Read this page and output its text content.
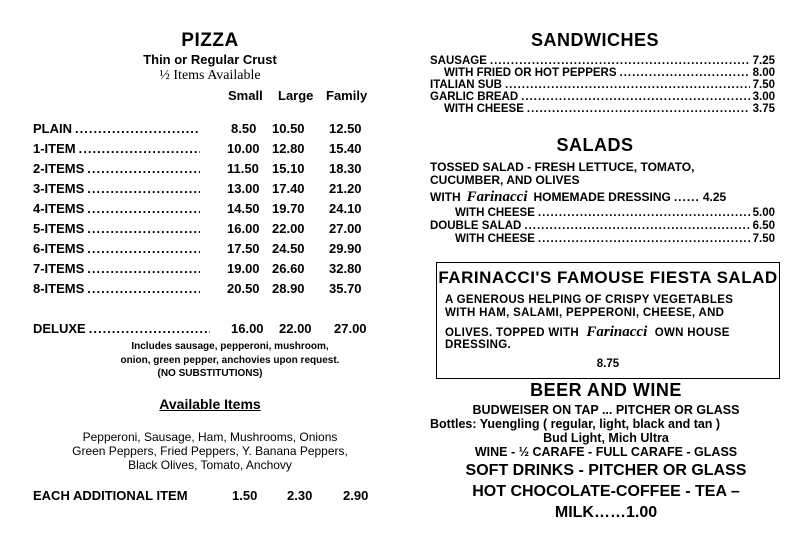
PIZZA
Thin or Regular Crust
½ Items Available
Small Large Family
PLAIN .....	8.50 10.50 12.50
1-ITEM .....	10.00 12.80 15.40
2-ITEMS .....	11.50 15.10 18.30
3-ITEMS .....	13.00 17.40 21.20
4-ITEMS .....	14.50 19.70 24.10
5-ITEMS .....	16.00 22.00 27.00
6-ITEMS .....	17.50 24.50 29.90
7-ITEMS .....	19.00 26.60 32.80
8-ITEMS .....	20.50 28.90 35.70
DELUXE .....	16.00 22.00 27.00
Includes sausage, pepperoni, mushroom,
onion, green pepper, anchovies upon request.
(NO SUBSTITUTIONS)
Available Items
Pepperoni, Sausage, Ham, Mushrooms, Onions
Green Peppers, Fried Peppers, Y. Banana Peppers,
Black Olives, Tomato, Anchovy
EACH ADDITIONAL ITEM	1.50 2.30 2.90
SANDWICHES
SAUSAGE .....	7.25
WITH FRIED OR HOT PEPPERS .....	8.00
ITALIAN SUB .....	7.50
GARLIC BREAD .....	3.00
WITH CHEESE .....	3.75
SALADS
TOSSED SALAD - FRESH LETTUCE, TOMATO,
CUCUMBER, AND OLIVES
WITH Farinacci HOMEMADE DRESSING .....	4.25
WITH CHEESE .....	5.00
DOUBLE SALAD .....	6.50
WITH CHEESE .....	7.50
FARINACCI'S FAMOUSE FIESTA SALAD
A GENEROUS HELPING OF CRISPY VEGETABLES
WITH HAM, SALAMI, PEPPERONI, CHEESE, AND
OLIVES. TOPPED WITH Farinacci OWN HOUSE
DRESSING.
8.75
BEER AND WINE
BUDWEISER ON TAP ... PITCHER OR GLASS
Bottles: Yuengling ( regular, light, black and tan )
Bud Light, Mich Ultra
WINE - ½ CARAFE - FULL CARAFE - GLASS
SOFT DRINKS - PITCHER OR GLASS
HOT CHOCOLATE-COFFEE - TEA –
MILK……1.00
